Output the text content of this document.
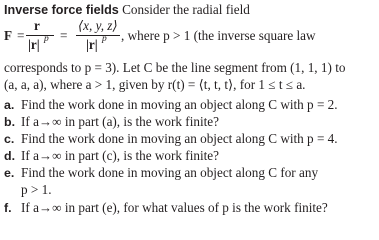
Inverse force fields Consider the radial field
F =
r
|r| p =
⟨x, y, z⟩
|r| p , where p > 1 (the inverse square law
corresponds to p = 3). Let C be the line segment from (1, 1, 1) to
(a, a, a), where a > 1, given by r(t) = ⟨t, t, t⟩, for 1 ≤ t ≤ a.
a. Find the work done in moving an object along C with p = 2.
b. If a→∞ in part (a), is the work finite?
c. Find the work done in moving an object along C with p = 4.
d. If a→∞ in part (c), is the work finite?
e. Find the work done in moving an object along C for any
p > 1.
f. If a→∞ in part (e), for what values of p is the work finite?
